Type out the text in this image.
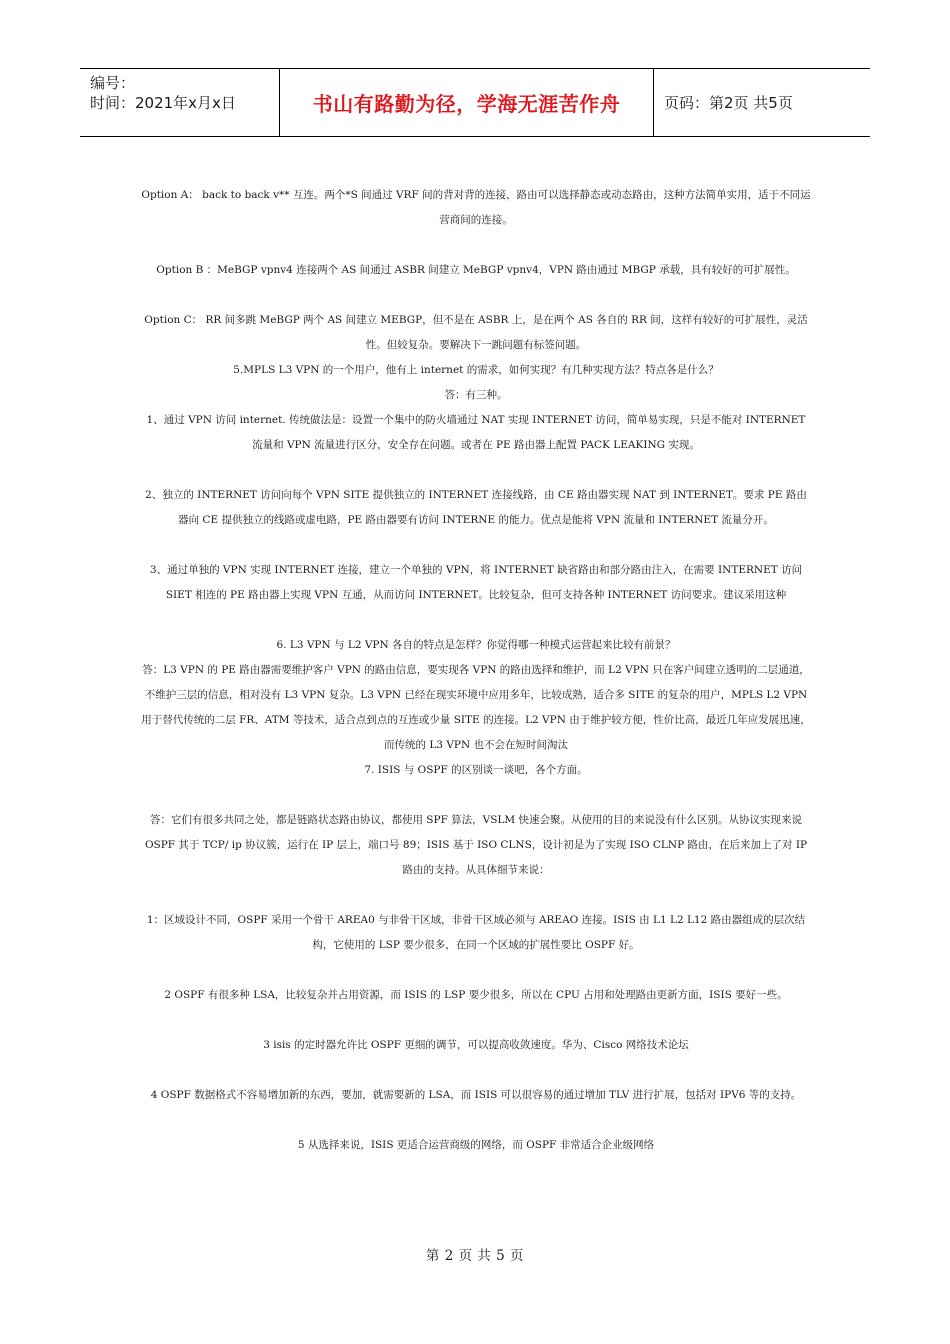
编号：
时间：2021年x月x日	书山有路勤为径，学海无涯苦作舟	页码：第2页 共5页

Option A： back to back v** 互连。两个*S 间通过 VRF 间的背对背的连接，路由可以选择静态或动态路由，这种方法简单实用，适于不同运营商间的连接。

Option B ：MeBGP vpnv4 连接两个 AS 间通过 ASBR 间建立 MeBGP vpnv4，VPN 路由通过 MBGP 承载，具有较好的可扩展性。

Option C： RR 间多跳 MeBGP 两个 AS 间建立 MEBGP，但不是在 ASBR 上，是在两个 AS 各自的 RR 间，这样有较好的可扩展性，灵活性。但较复杂。要解决下一跳问题有标签问题。

5.MPLS L3 VPN 的一个用户，他有上 internet 的需求，如何实现？有几种实现方法？特点各是什么？

答：有三种。

1、通过 VPN 访问 internet. 传统做法是：设置一个集中的防火墙通过 NAT 实现 INTERNET 访问，简单易实现，只是不能对 INTERNET 流量和 VPN 流量进行区分，安全存在问题。或者在 PE 路由器上配置 PACK LEAKING 实现。

2、独立的 INTERNET 访问向每个 VPN SITE 提供独立的 INTERNET 连接线路，由 CE 路由器实现 NAT 到 INTERNET。要求 PE 路由器向 CE 提供独立的线路或虚电路，PE 路由器要有访问 INTERNE 的能力。优点是能将 VPN 流量和 INTERNET 流量分开。

3、通过单独的 VPN 实现 INTERNET 连接，建立一个单独的 VPN，将 INTERNET 缺省路由和部分路由注入，在需要 INTERNET 访问 SIET 相连的 PE 路由器上实现 VPN 互通，从而访问 INTERNET。比较复杂，但可支持各种 INTERNET 访问要求。建议采用这种

6. L3 VPN 与 L2 VPN 各自的特点是怎样？你觉得哪一种模式运营起来比较有前景？

答：L3 VPN 的 PE 路由器需要维护客户 VPN 的路由信息，要实现各 VPN 的路由选择和维护，而 L2 VPN 只在客户间建立透明的二层通道，不维护三层的信息，相对没有 L3 VPN 复杂。L3 VPN 已经在现实环境中应用多年，比较成熟，适合多 SITE 的复杂的用户，MPLS L2 VPN 用于替代传统的二层 FR、ATM 等技术，适合点到点的互连或少量 SITE 的连接。L2 VPN 由于维护较方便，性价比高，最近几年应发展迅速，而传统的 L3 VPN 也不会在短时间淘汰

7. ISIS 与 OSPF 的区别谈一谈吧，各个方面。

答：它们有很多共同之处，都是链路状态路由协议，都使用 SPF 算法，VSLM 快速会聚。从使用的目的来说没有什么区别。从协议实现来说 OSPF 其于 TCP/ ip 协议簇，运行在 IP 层上，端口号 89；ISIS 基于 ISO CLNS，设计初是为了实现 ISO CLNP 路由，在后来加上了对 IP 路由的支持。从具体细节来说：

1：区域设计不同，OSPF 采用一个骨干 AREA0 与非骨干区域，非骨干区域必须与 AREAO 连接。ISIS 由 L1 L2 L12 路由器组成的层次结构，它使用的 LSP 要少很多，在同一个区域的扩展性要比 OSPF 好。

2 OSPF 有很多种 LSA，比较复杂并占用资源，而 ISIS 的 LSP 要少很多，所以在 CPU 占用和处理路由更新方面，ISIS 要好一些。

3 isis 的定时器允许比 OSPF 更细的调节，可以提高收敛速度。华为、Cisco 网络技术论坛

4 OSPF 数据格式不容易增加新的东西，要加，就需要新的 LSA，而 ISIS 可以很容易的通过增加 TLV 进行扩展，包括对 IPV6 等的支持。

5 从选择来说，ISIS 更适合运营商级的网络，而 OSPF 非常适合企业级网络

第 2 页 共 5 页
